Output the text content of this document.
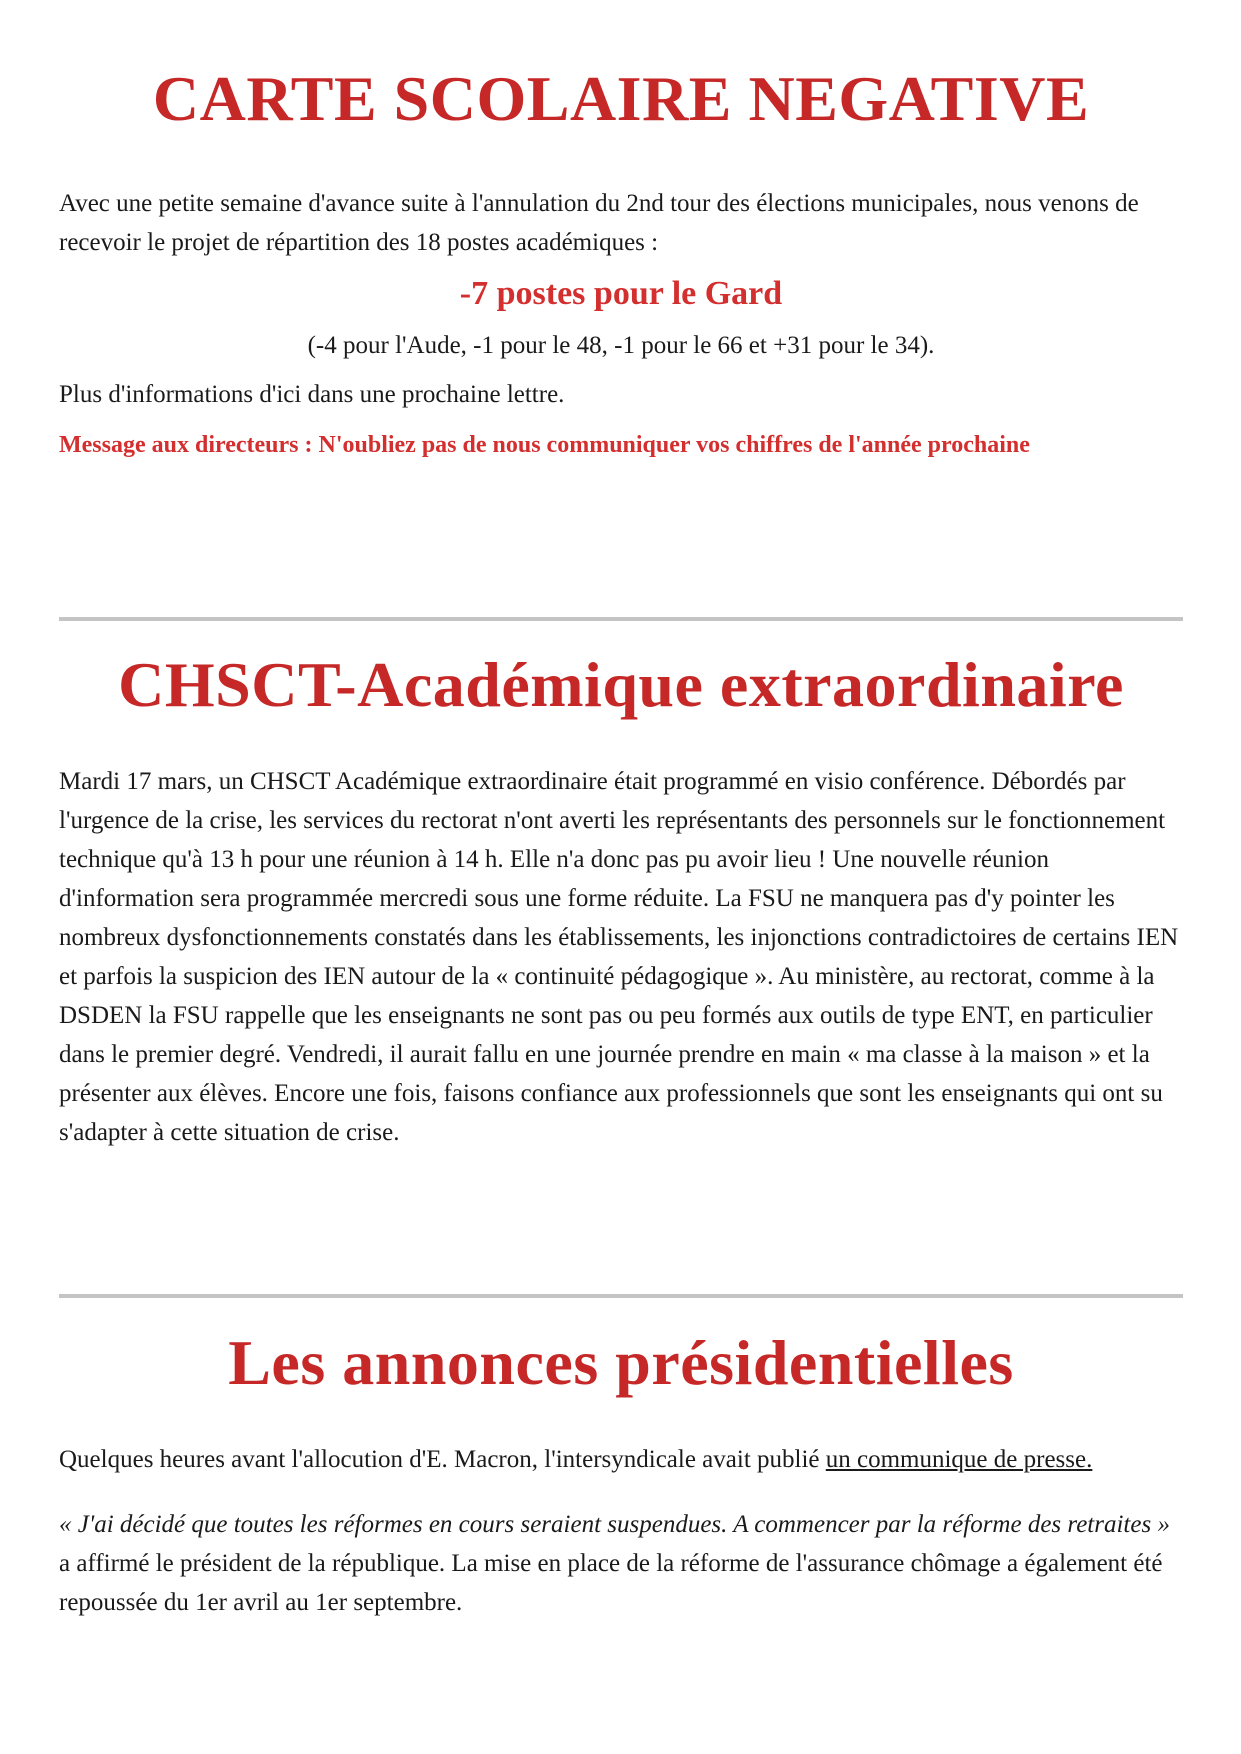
CARTE SCOLAIRE NEGATIVE

Avec une petite semaine d'avance suite à l'annulation du 2nd tour des élections municipales, nous venons de recevoir le projet de répartition des 18 postes académiques :

-7 postes pour le Gard

(-4 pour l'Aude, -1 pour le 48, -1 pour le 66 et +31 pour le 34).

Plus d'informations d'ici dans une prochaine lettre.

Message aux directeurs : N'oubliez pas de nous communiquer vos chiffres de l'année prochaine

CHSCT-Académique extraordinaire

Mardi 17 mars, un CHSCT Académique extraordinaire était programmé en visio conférence. Débordés par l'urgence de la crise, les services du rectorat n'ont averti les représentants des personnels sur le fonctionnement technique qu'à 13 h pour une réunion à 14 h. Elle n'a donc pas pu avoir lieu ! Une nouvelle réunion d'information sera programmée mercredi sous une forme réduite. La FSU ne manquera pas d'y pointer les nombreux dysfonctionnements constatés dans les établissements, les injonctions contradictoires de certains IEN et parfois la suspicion des IEN autour de la « continuité pédagogique ». Au ministère, au rectorat, comme à la DSDEN la FSU rappelle que les enseignants ne sont pas ou peu formés aux outils de type ENT, en particulier dans le premier degré. Vendredi, il aurait fallu en une journée prendre en main « ma classe à la maison » et la présenter aux élèves. Encore une fois, faisons confiance aux professionnels que sont les enseignants qui ont su s'adapter à cette situation de crise.

Les annonces présidentielles

Quelques heures avant l'allocution d'E. Macron, l'intersyndicale avait publié un communique de presse.

« J'ai décidé que toutes les réformes en cours seraient suspendues. A commencer par la réforme des retraites » a affirmé le président de la république. La mise en place de la réforme de l'assurance chômage a également été repoussée du 1er avril au 1er septembre.
